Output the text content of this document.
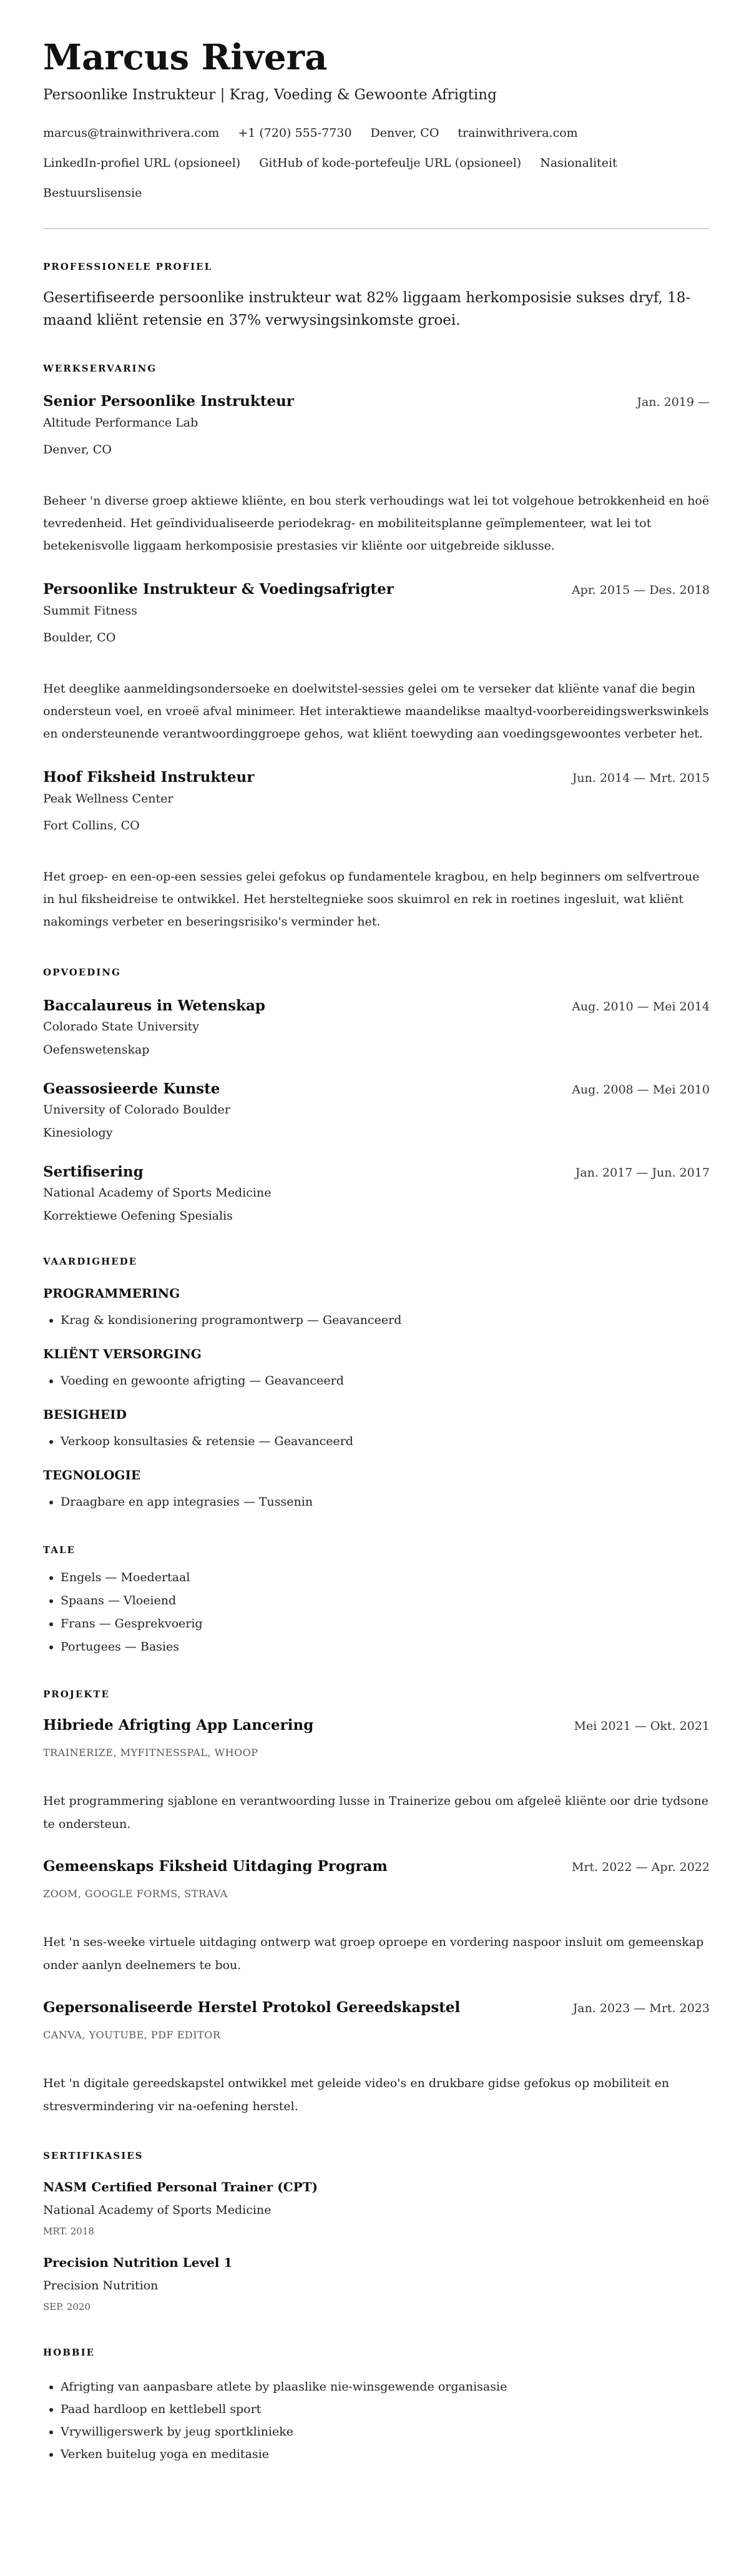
Marcus Rivera
Persoonlike Instrukteur | Krag, Voeding & Gewoonte Afrigting
marcus@trainwithrivera.com +1 (720) 555-7730 Denver, CO trainwithrivera.com
LinkedIn-profiel URL (opsioneel) GitHub of kode-portefeulje URL (opsioneel) Nasionaliteit
Bestuurslisensie
PROFESSIONELE PROFIEL

Gesertifiseerde persoonlike instrukteur wat 82% liggaam herkomposisie sukses dryf, 18-maand kliënt retensie en 37% verwysingsinkomste groei.

WERKSERVARING
Senior Persoonlike Instrukteur	Jan. 2019 —
Altitude Performance Lab
Denver, CO
Beheer 'n diverse groep aktiewe kliënte, en bou sterk verhoudings wat lei tot volgehoue betrokkenheid en hoë tevredenheid. Het geïndividualiseerde periodekrag- en mobiliteitsplanne geïmplementeer, wat lei tot betekenisvolle liggaam herkomposisie prestasies vir kliënte oor uitgebreide siklusse.
Persoonlike Instrukteur & Voedingsafrigter	Apr. 2015 — Des. 2018
Summit Fitness
Boulder, CO
Het deeglike aanmeldingsondersoeke en doelwitstel-sessies gelei om te verseker dat kliënte vanaf die begin ondersteun voel, en vroeë afval minimeer. Het interaktiewe maandelikse maaltyd-voorbereidingswerkswinkels en ondersteunende verantwoordinggroepe gehos, wat kliënt toewyding aan voedingsgewoontes verbeter het.
Hoof Fiksheid Instrukteur	Jun. 2014 — Mrt. 2015
Peak Wellness Center
Fort Collins, CO
Het groep- en een-op-een sessies gelei gefokus op fundamentele kragbou, en help beginners om selfvertroue in hul fiksheidreise te ontwikkel. Het hersteltegnieke soos skuimrol en rek in roetines ingesluit, wat kliënt nakomings verbeter en beseringsrisiko's verminder het.
OPVOEDING
Baccalaureus in Wetenskap	Aug. 2010 — Mei 2014
Colorado State University
Oefenswetenskap
Geassosieerde Kunste	Aug. 2008 — Mei 2010
University of Colorado Boulder
Kinesiology
Sertifisering	Jan. 2017 — Jun. 2017
National Academy of Sports Medicine
Korrektiewe Oefening Spesialis
VAARDIGHEDE
PROGRAMMERING
• Krag & kondisionering programontwerp — Geavanceerd
KLIËNT VERSORGING
• Voeding en gewoonte afrigting — Geavanceerd
BESIGHEID
• Verkoop konsultasies & retensie — Geavanceerd
TEGNOLOGIE
• Draagbare en app integrasies — Tussenin
TALE
• Engels — Moedertaal
• Spaans — Vloeiend
• Frans — Gesprekvoerig
• Portugees — Basies
PROJEKTE
Hibriede Afrigting App Lancering	Mei 2021 — Okt. 2021
TRAINERIZE, MYFITNESSPAL, WHOOP
Het programmering sjablone en verantwoording lusse in Trainerize gebou om afgeleë kliënte oor drie tydsone te ondersteun.
Gemeenskaps Fiksheid Uitdaging Program	Mrt. 2022 — Apr. 2022
ZOOM, GOOGLE FORMS, STRAVA
Het 'n ses-weeke virtuele uitdaging ontwerp wat groep oproepe en vordering naspoor insluit om gemeenskap onder aanlyn deelnemers te bou.
Gepersonaliseerde Herstel Protokol Gereedskapstel	Jan. 2023 — Mrt. 2023
CANVA, YOUTUBE, PDF EDITOR
Het 'n digitale gereedskapstel ontwikkel met geleide video's en drukbare gidse gefokus op mobiliteit en stresvermindering vir na-oefening herstel.
SERTIFIKASIES
NASM Certified Personal Trainer (CPT)
National Academy of Sports Medicine
MRT. 2018
Precision Nutrition Level 1
Precision Nutrition
SEP. 2020
HOBBIE
• Afrigting van aanpasbare atlete by plaaslike nie-winsgewende organisasie
• Paad hardloop en kettlebell sport
• Vrywilligerswerk by jeug sportklinieke
• Verken buitelug yoga en meditasie
